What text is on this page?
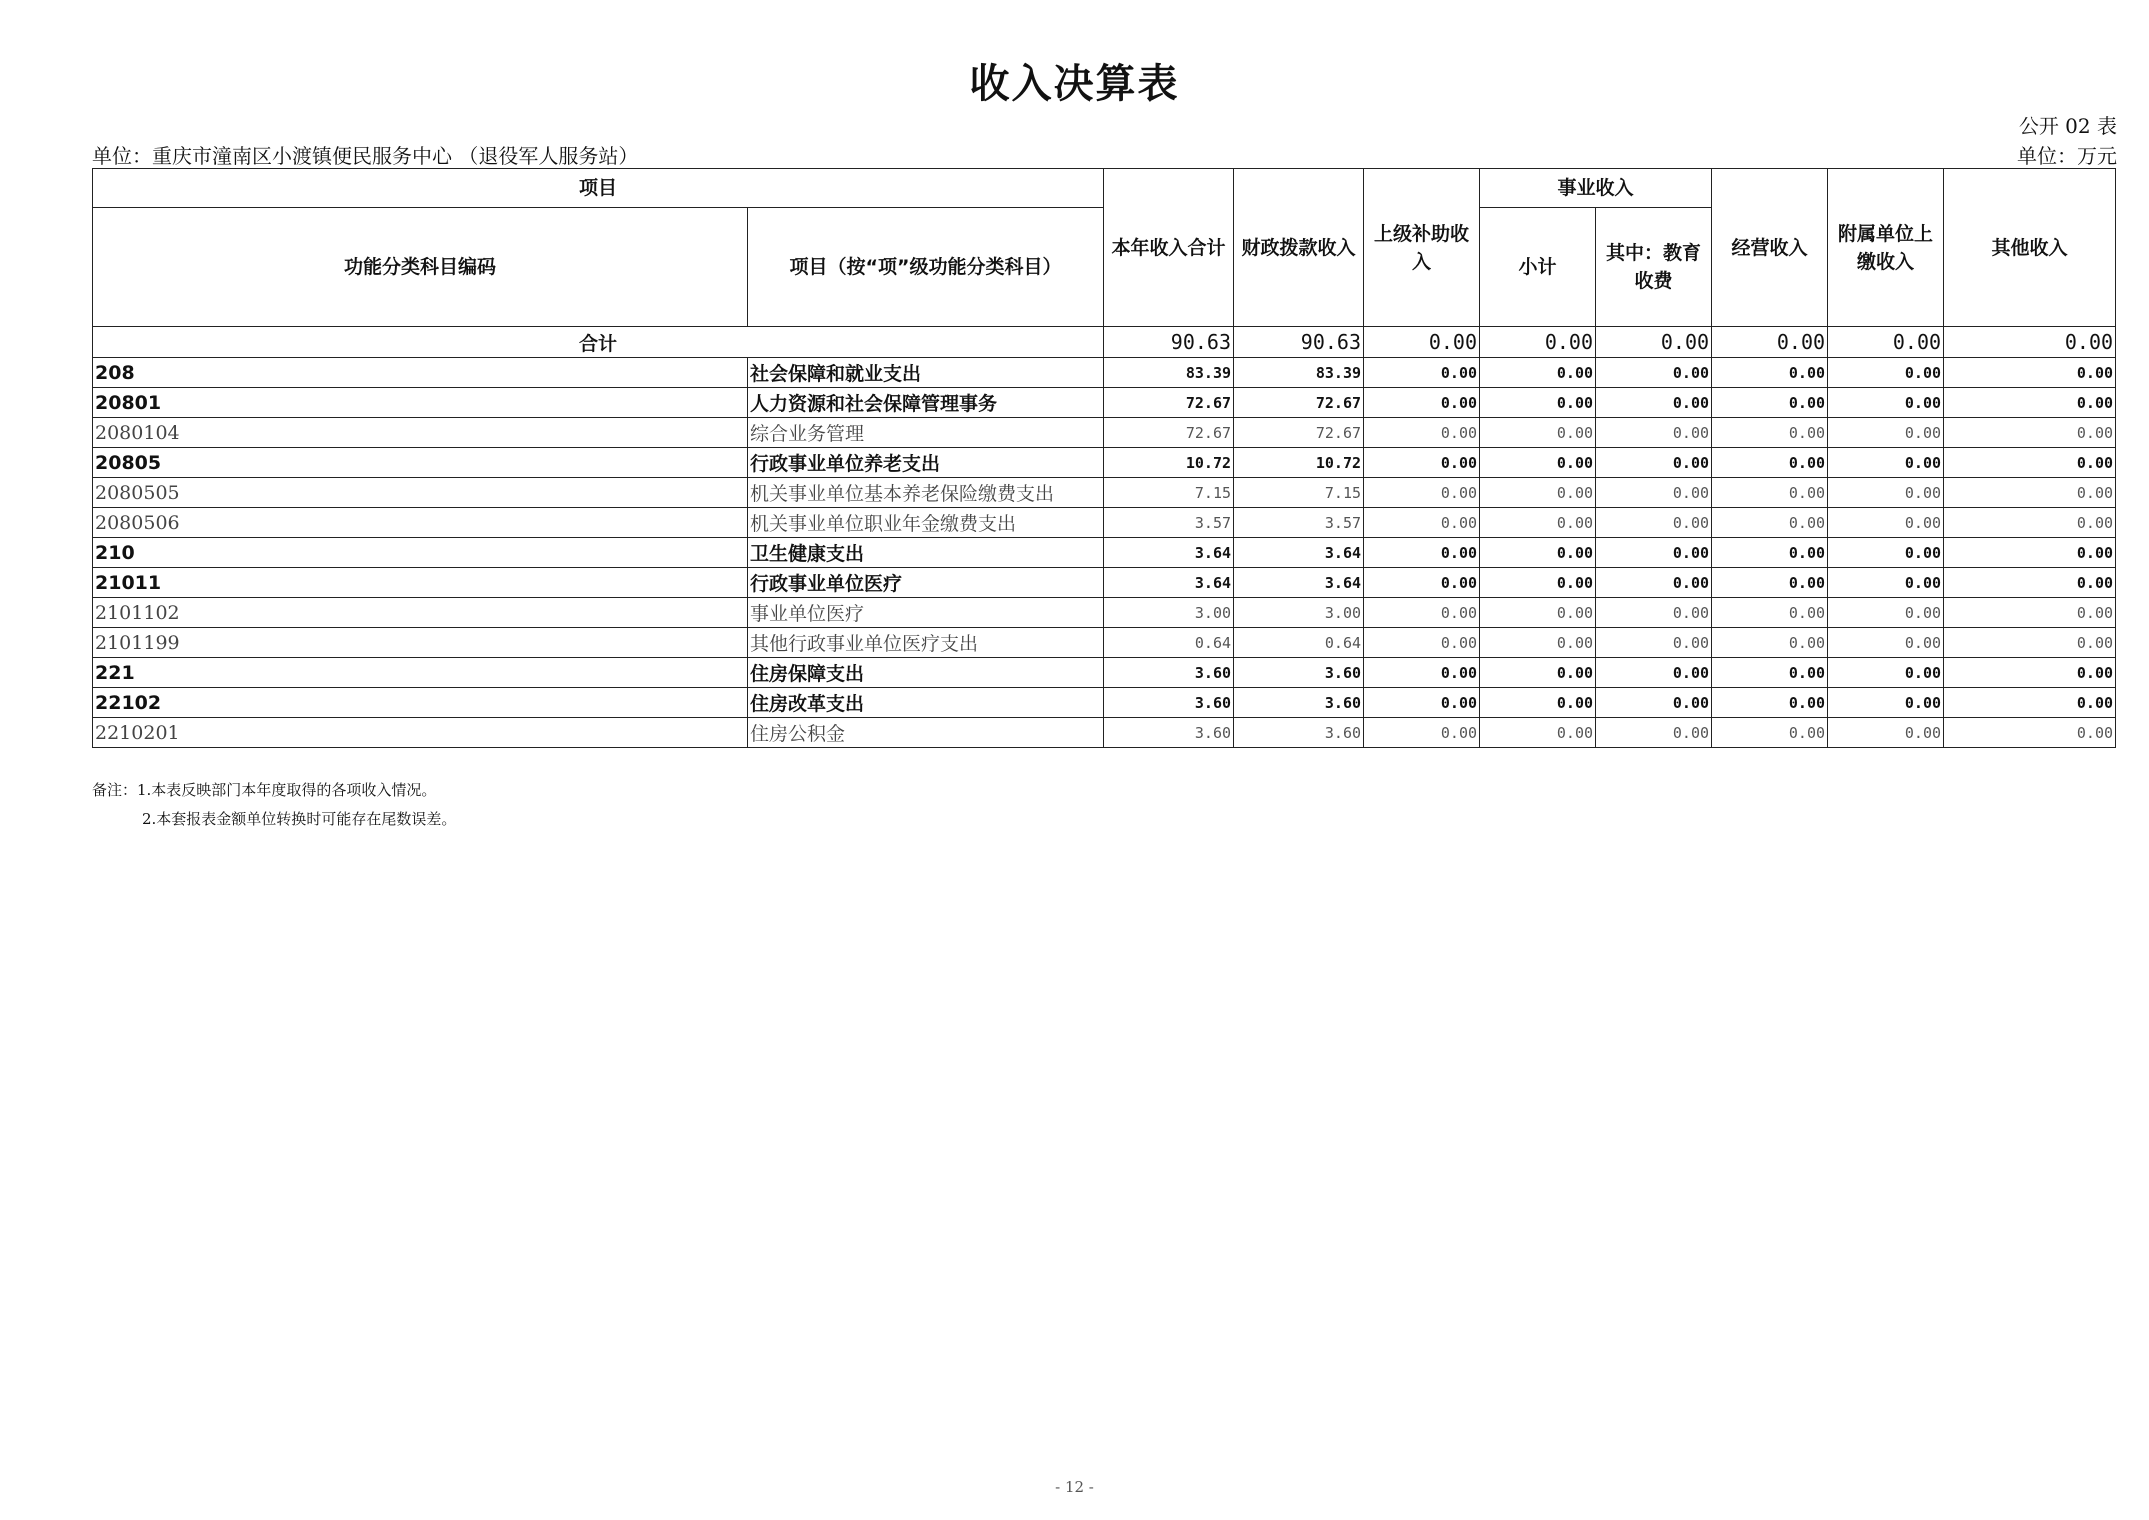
收入决算表
公开 02 表
单位：重庆市潼南区小渡镇便民服务中心 （退役军人服务站）	单位：万元
项目		本年收入合计	财政拨款收入	上级补助收入	事业收入		经营收入	附属单位上缴收入	其他收入
功能分类科目编码	项目（按“项”级功能分类科目）				小计	其中：教育收费			
合计		90.63	90.63	0.00	0.00	0.00	0.00	0.00	0.00
208	社会保障和就业支出	83.39	83.39	0.00	0.00	0.00	0.00	0.00	0.00
20801	人力资源和社会保障管理事务	72.67	72.67	0.00	0.00	0.00	0.00	0.00	0.00
2080104	综合业务管理	72.67	72.67	0.00	0.00	0.00	0.00	0.00	0.00
20805	行政事业单位养老支出	10.72	10.72	0.00	0.00	0.00	0.00	0.00	0.00
2080505	机关事业单位基本养老保险缴费支出	7.15	7.15	0.00	0.00	0.00	0.00	0.00	0.00
2080506	机关事业单位职业年金缴费支出	3.57	3.57	0.00	0.00	0.00	0.00	0.00	0.00
210	卫生健康支出	3.64	3.64	0.00	0.00	0.00	0.00	0.00	0.00
21011	行政事业单位医疗	3.64	3.64	0.00	0.00	0.00	0.00	0.00	0.00
2101102	事业单位医疗	3.00	3.00	0.00	0.00	0.00	0.00	0.00	0.00
2101199	其他行政事业单位医疗支出	0.64	0.64	0.00	0.00	0.00	0.00	0.00	0.00
221	住房保障支出	3.60	3.60	0.00	0.00	0.00	0.00	0.00	0.00
22102	住房改革支出	3.60	3.60	0.00	0.00	0.00	0.00	0.00	0.00
2210201	住房公积金	3.60	3.60	0.00	0.00	0.00	0.00	0.00	0.00
备注：1.本表反映部门本年度取得的各项收入情况。
2.本套报表金额单位转换时可能存在尾数误差。
- 12 -
